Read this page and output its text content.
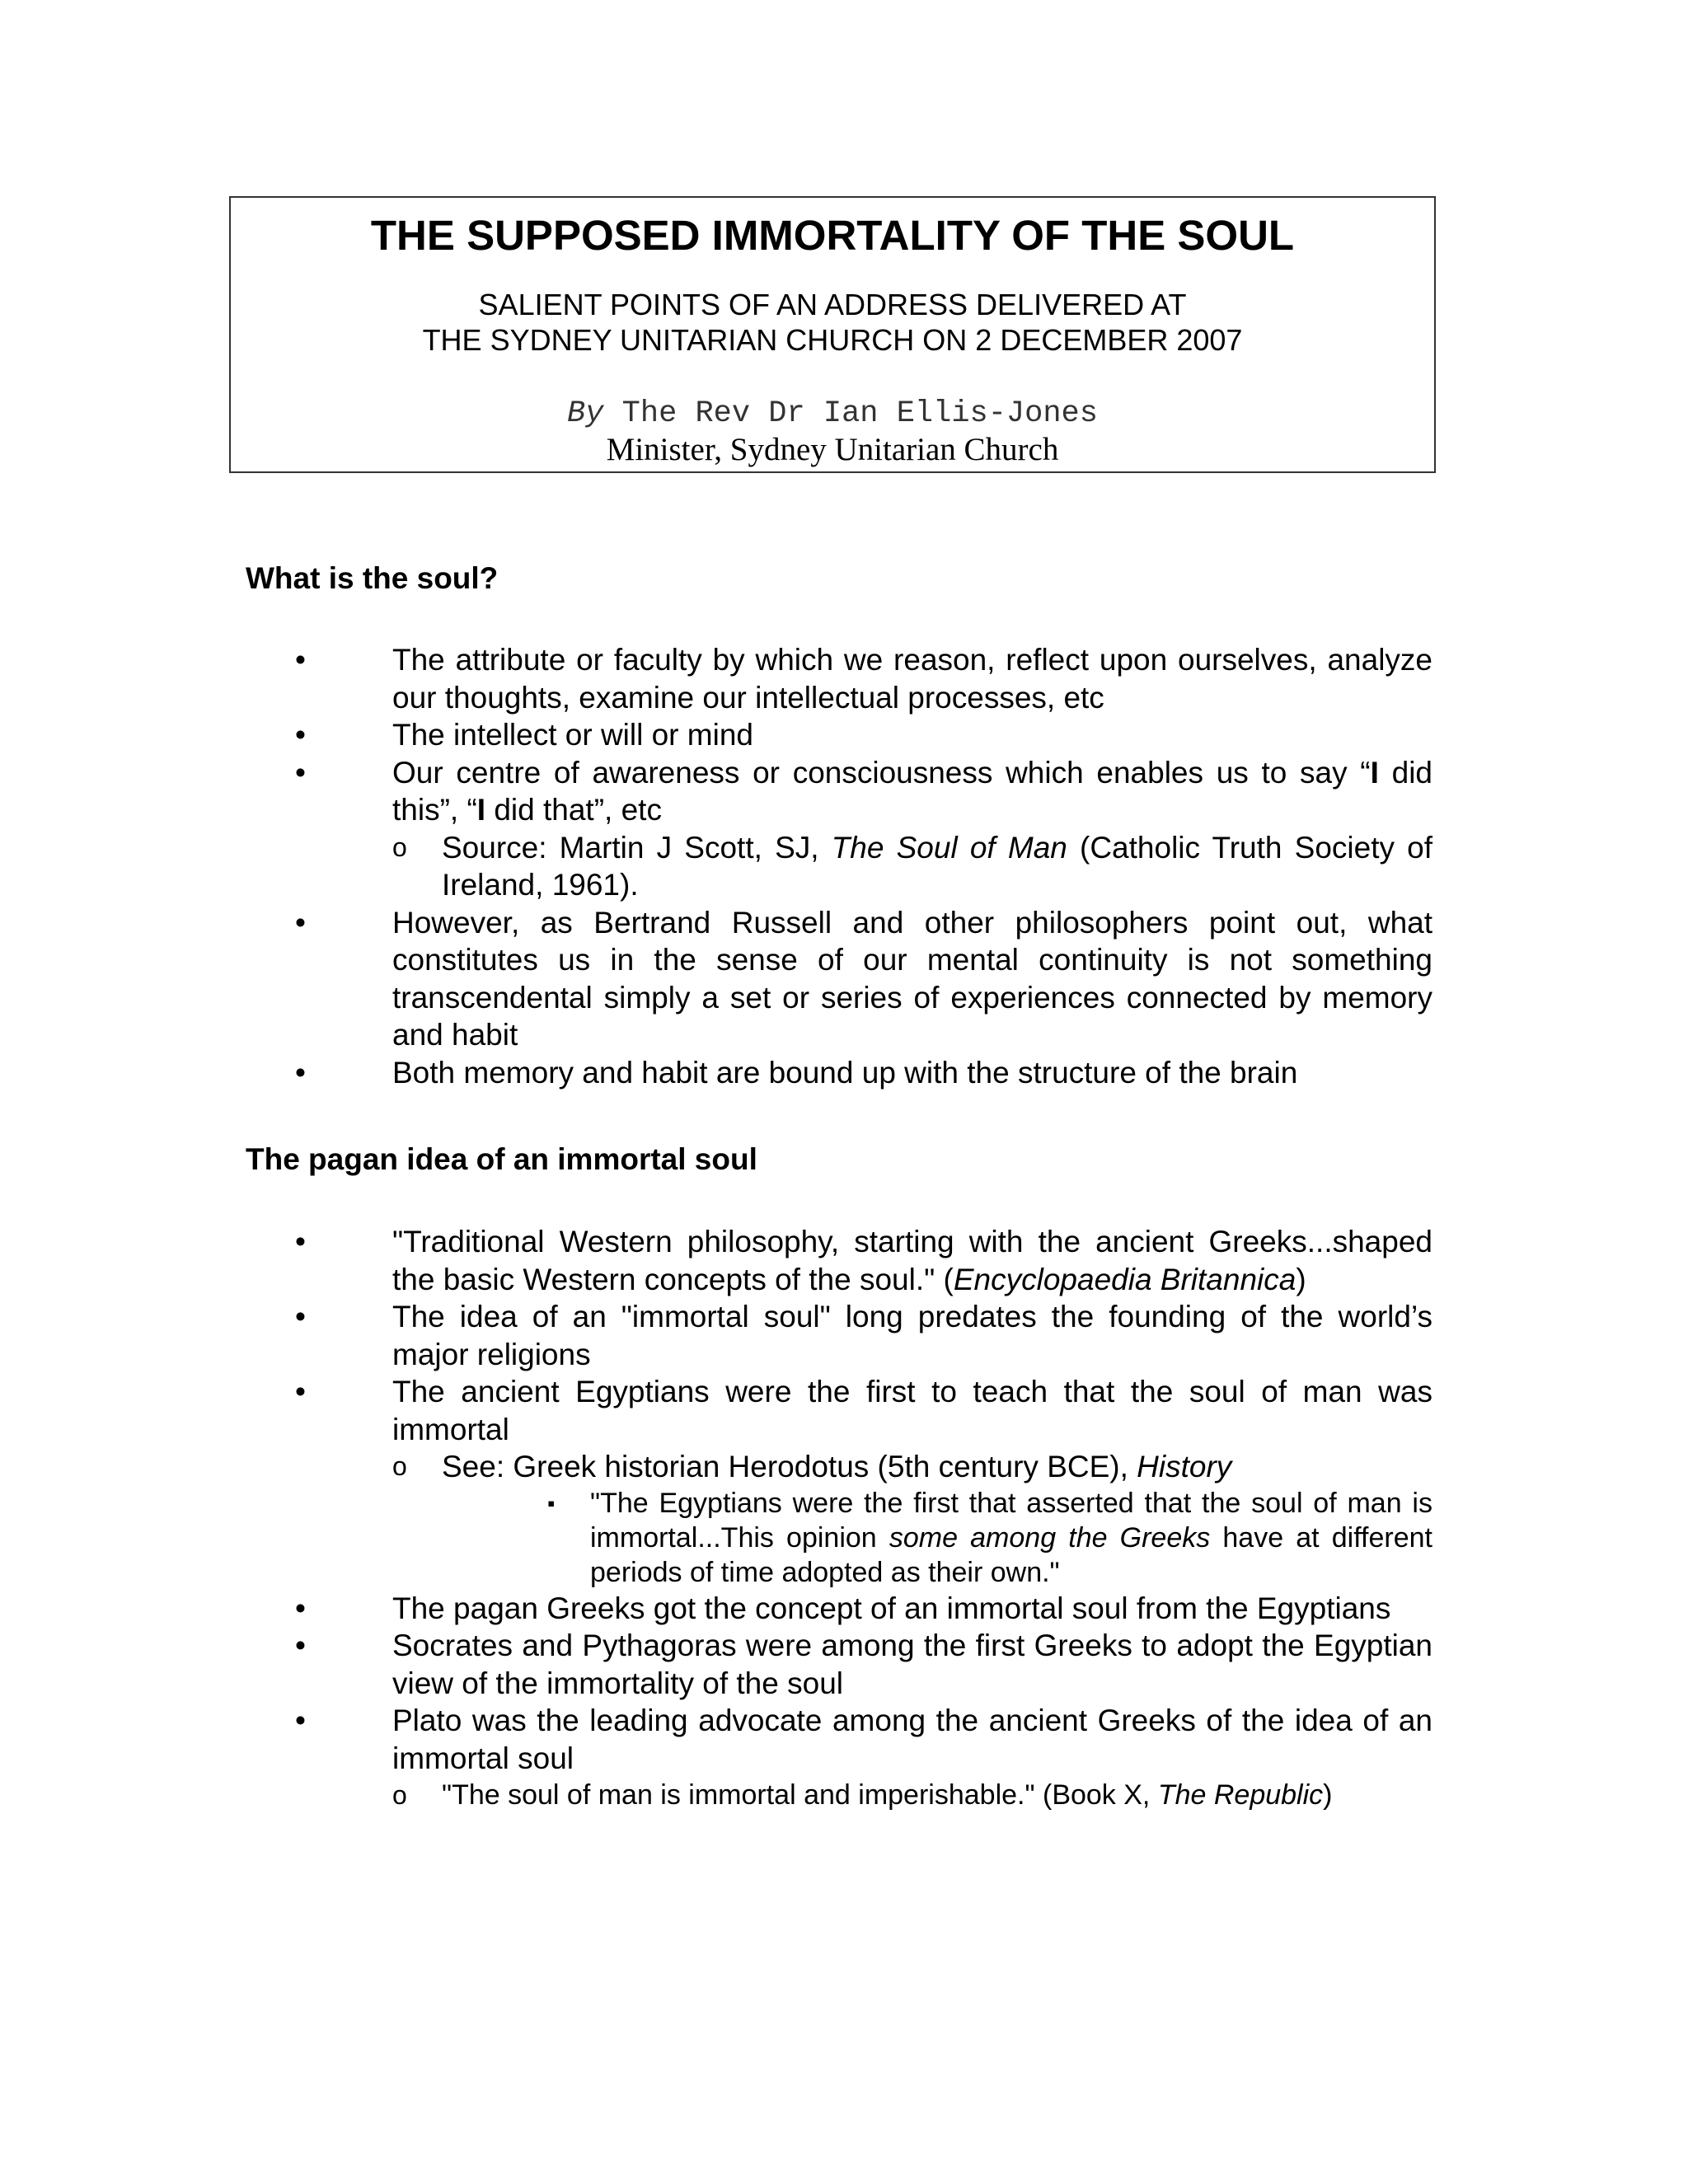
THE SUPPOSED IMMORTALITY OF THE SOUL
SALIENT POINTS OF AN ADDRESS DELIVERED AT
THE SYDNEY UNITARIAN CHURCH ON 2 DECEMBER 2007
By The Rev Dr Ian Ellis-Jones
Minister, Sydney Unitarian Church
What is the soul?
• The attribute or faculty by which we reason, reflect upon ourselves, analyze our thoughts, examine our intellectual processes, etc
• The intellect or will or mind
• Our centre of awareness or consciousness which enables us to say “I did this”, “I did that”, etc
o Source: Martin J Scott, SJ, The Soul of Man (Catholic Truth Society of Ireland, 1961).
• However, as Bertrand Russell and other philosophers point out, what constitutes us in the sense of our mental continuity is not something transcendental simply a set or series of experiences connected by memory and habit
• Both memory and habit are bound up with the structure of the brain
The pagan idea of an immortal soul
• "Traditional Western philosophy, starting with the ancient Greeks...shaped the basic Western concepts of the soul." (Encyclopaedia Britannica)
• The idea of an "immortal soul" long predates the founding of the world’s major religions
• The ancient Egyptians were the first to teach that the soul of man was immortal
o See: Greek historian Herodotus (5th century BCE), History
▪ "The Egyptians were the first that asserted that the soul of man is immortal...This opinion some among the Greeks have at different periods of time adopted as their own."
• The pagan Greeks got the concept of an immortal soul from the Egyptians
• Socrates and Pythagoras were among the first Greeks to adopt the Egyptian view of the immortality of the soul
• Plato was the leading advocate among the ancient Greeks of the idea of an immortal soul
o "The soul of man is immortal and imperishable." (Book X, The Republic)
